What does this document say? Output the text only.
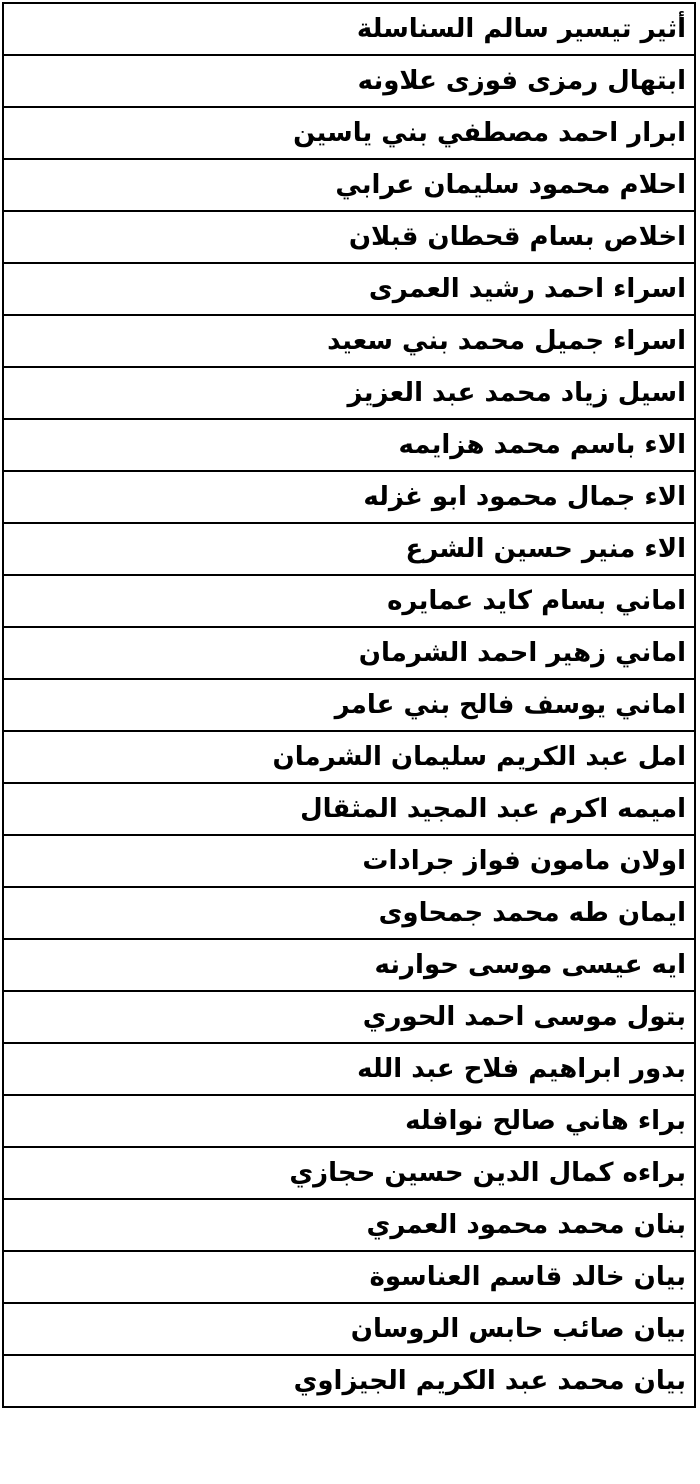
أثير تيسير سالم السناسلة
ابتهال رمزى فوزى علاونه
ابرار احمد مصطفي بني ياسين
احلام محمود سليمان عرابي
اخلاص بسام قحطان قبلان
اسراء احمد رشيد العمرى
اسراء جميل محمد بني سعيد
اسيل زياد محمد عبد العزيز
الاء باسم محمد هزايمه
الاء جمال محمود ابو غزله
الاء منير حسين الشرع
اماني بسام كايد عمايره
اماني زهير احمد الشرمان
اماني يوسف فالح بني عامر
امل عبد الكريم سليمان الشرمان
اميمه اكرم عبد المجيد المثقال
اولان مامون فواز جرادات
ايمان طه محمد جمحاوى
ايه عيسى موسى حوارنه
بتول موسى احمد الحوري
بدور ابراهيم فلاح عبد الله
براء هاني صالح نوافله
براءه كمال الدين حسين حجازي
بنان محمد محمود العمري
بيان خالد قاسم العناسوة
بيان صائب حابس الروسان
بيان محمد عبد الكريم الجيزاوي
